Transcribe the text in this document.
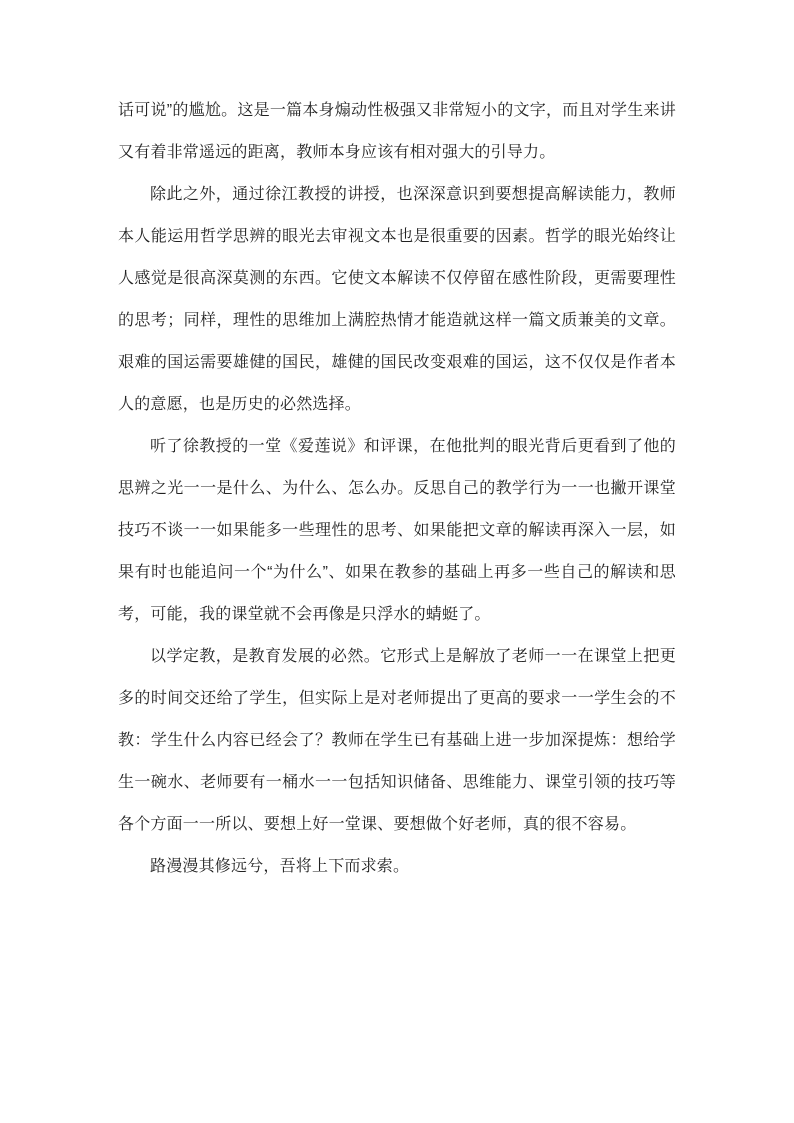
话可说”的尴尬。这是一篇本身煽动性极强又非常短小的文字，而且对学生来讲又有着非常遥远的距离，教师本身应该有相对强大的引导力。

除此之外，通过徐江教授的讲授，也深深意识到要想提高解读能力，教师本人能运用哲学思辨的眼光去审视文本也是很重要的因素。哲学的眼光始终让人感觉是很高深莫测的东西。它使文本解读不仅停留在感性阶段，更需要理性的思考；同样，理性的思维加上满腔热情才能造就这样一篇文质兼美的文章。艰难的国运需要雄健的国民，雄健的国民改变艰难的国运，这不仅仅是作者本人的意愿，也是历史的必然选择。

听了徐教授的一堂《爱莲说》和评课，在他批判的眼光背后更看到了他的思辨之光一一是什么、为什么、怎么办。反思自己的教学行为一一也撇开课堂技巧不谈一一如果能多一些理性的思考、如果能把文章的解读再深入一层，如果有时也能追问一个“为什么”、如果在教参的基础上再多一些自己的解读和思考，可能，我的课堂就不会再像是只浮水的蜻蜓了。

以学定教，是教育发展的必然。它形式上是解放了老师一一在课堂上把更多的时间交还给了学生，但实际上是对老师提出了更高的要求一一学生会的不教：学生什么内容已经会了？教师在学生已有基础上进一步加深提炼：想给学生一碗水、老师要有一桶水一一包括知识储备、思维能力、课堂引领的技巧等各个方面一一所以、要想上好一堂课、要想做个好老师，真的很不容易。

路漫漫其修远兮，吾将上下而求索。
